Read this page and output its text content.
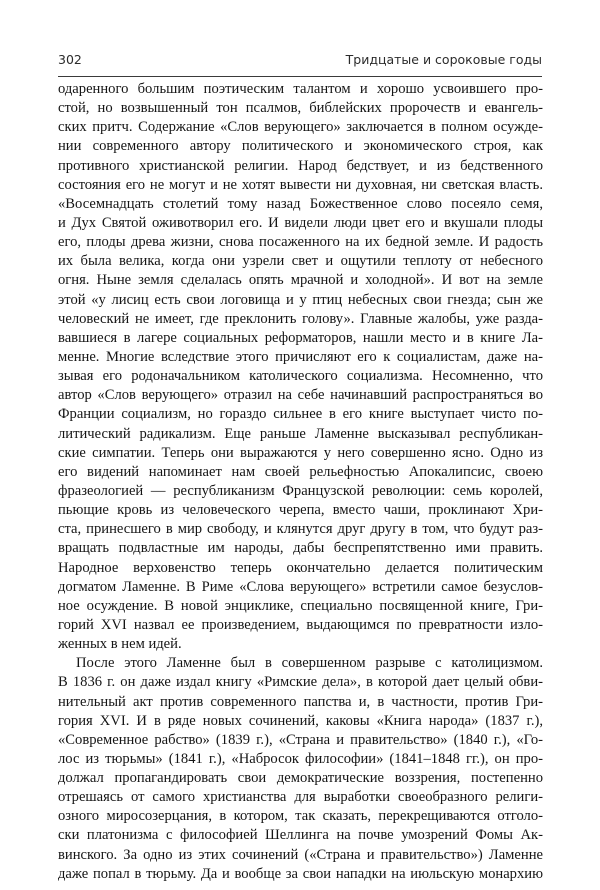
302	Тридцатые и сороковые годы
одаренного большим поэтическим талантом и хорошо усвоившего про-
стой, но возвышенный тон псалмов, библейских пророчеств и евангель-
ских притч. Содержание «Слов верующего» заключается в полном осужде-
нии современного автору политического и экономического строя, как
противного христианской религии. Народ бедствует, и из бедственного
состояния его не могут и не хотят вывести ни духовная, ни светская власть.
«Восемнадцать столетий тому назад Божественное слово посеяло семя,
и Дух Святой оживотворил его. И видели люди цвет его и вкушали плоды
его, плоды древа жизни, снова посаженного на их бедной земле. И радость
их была велика, когда они узрели свет и ощутили теплоту от небесного
огня. Ныне земля сделалась опять мрачной и холодной». И вот на земле
этой «у лисиц есть свои логовища и у птиц небесных свои гнезда; сын же
человеский не имеет, где преклонить голову». Главные жалобы, уже разда-
вавшиеся в лагере социальных реформаторов, нашли место и в книге Ла-
менне. Многие вследствие этого причисляют его к социалистам, даже на-
зывая его родоначальником католического социализма. Несомненно, что
автор «Слов верующего» отразил на себе начинавший распространяться во
Франции социализм, но гораздо сильнее в его книге выступает чисто по-
литический радикализм. Еще раньше Ламенне высказывал республикан-
ские симпатии. Теперь они выражаются у него совершенно ясно. Одно из
его видений напоминает нам своей рельефностью Апокалипсис, своею
фразеологией — республиканизм Французской революции: семь королей,
пьющие кровь из человеческого черепа, вместо чаши, проклинают Хри-
ста, принесшего в мир свободу, и клянутся друг другу в том, что будут раз-
вращать подвластные им народы, дабы беспрепятственно ими править.
Народное верховенство теперь окончательно делается политическим
догматом Ламенне. В Риме «Слова верующего» встретили самое безуслов-
ное осуждение. В новой энциклике, специально посвященной книге, Гри-
горий XVI назвал ее произведением, выдающимся по превратности изло-
женных в нем идей.
После этого Ламенне был в совершенном разрыве с католицизмом.
В 1836 г. он даже издал книгу «Римские дела», в которой дает целый обви-
нительный акт против современного папства и, в частности, против Гри-
гория XVI. И в ряде новых сочинений, каковы «Книга народа» (1837 г.),
«Современное рабство» (1839 г.), «Страна и правительство» (1840 г.), «Го-
лос из тюрьмы» (1841 г.), «Набросок философии» (1841–1848 гг.), он про-
должал пропагандировать свои демократические воззрения, постепенно
отрешаясь от самого христианства для выработки своеобразного религи-
озного миросозерцания, в котором, так сказать, перекрещиваются отголо-
ски платонизма с философией Шеллинга на почве умозрений Фомы Ак-
винского. За одно из этих сочинений («Страна и правительство») Ламенне
даже попал в тюрьму. Да и вообще за свои нападки на июльскую монархию
